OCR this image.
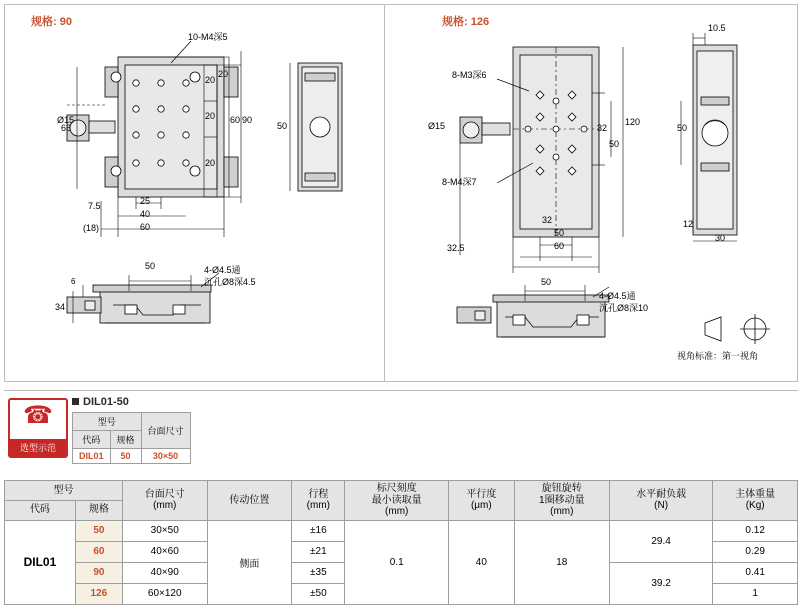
规格: 90
10-M4深5
20
20
20
20
60 90
66
Ø15
7.5	25
40
60
(18)
50
50	4-Ø4.5通
沉孔Ø8深4.5
34
6
规格: 126
8-M3深6
Ø15
8-M4深7
32
50
120
32
50
60
32.5
10.5
50
12
30
50
4-Ø4.5通
沉孔Ø8深10
视角标准：第一视角
☎
选型示范
DIL01-50
型号		台面尺寸
代码	规格	
DIL01	50	30×50
型号	台面尺寸
(mm)
	传动位置	
行程
(mm)

标尺刻度
最小读取量
(mm)

平行度
(μm)

旋钮旋转
1圈移动量
(mm)

水平耐负载
(N)

主体重量
(Kg)

代码	规格								
DIL01	50	30×50	侧面	±16	0.1	40	18	29.4	0.12
	60	40×60		±21					0.29
	90	40×90		±35				39.2	0.41
	126	60×120		±50					1
